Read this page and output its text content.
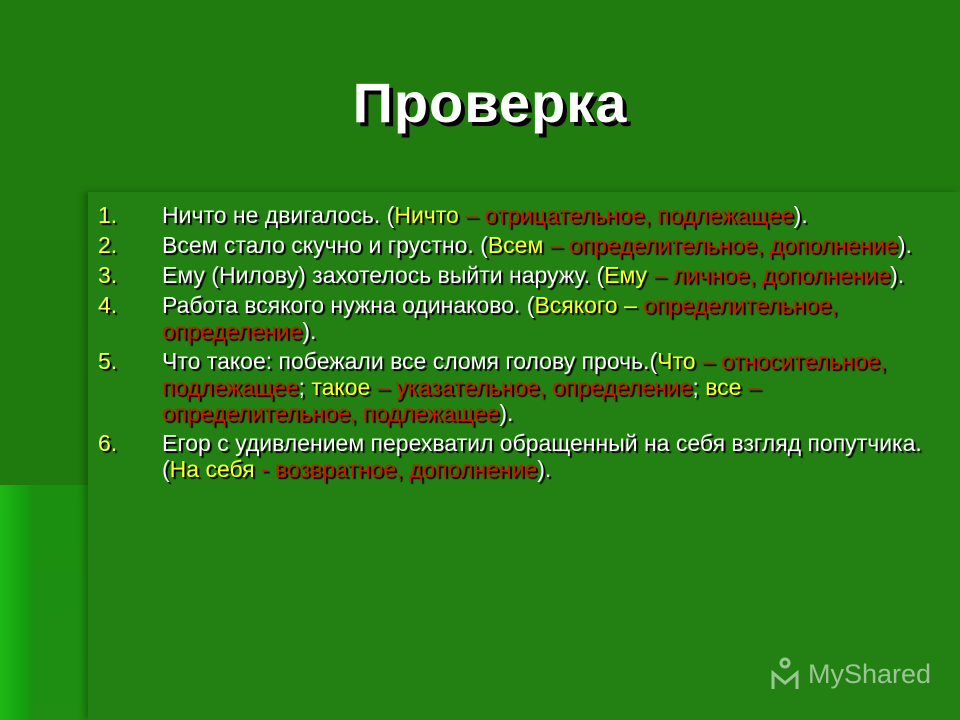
Проверка
1.	Ничто не двигалось. (Ничто – отрицательное, подлежащее).
2.	Всем стало скучно и грустно. (Всем – определительное, дополнение).
3.	Ему (Нилову) захотелось выйти наружу. (Ему – личное, дополнение).
4.	Работа всякого нужна одинаково. (Всякого – определительное, определение).
5.	Что такое: побежали все сломя голову прочь.(Что – относительное, подлежащее; такое – указательное, определение; все – определительное, подлежащее).
6.	Егор с удивлением перехватил обращенный на себя взгляд попутчика. (На себя - возвратное, дополнение).
MyShared
